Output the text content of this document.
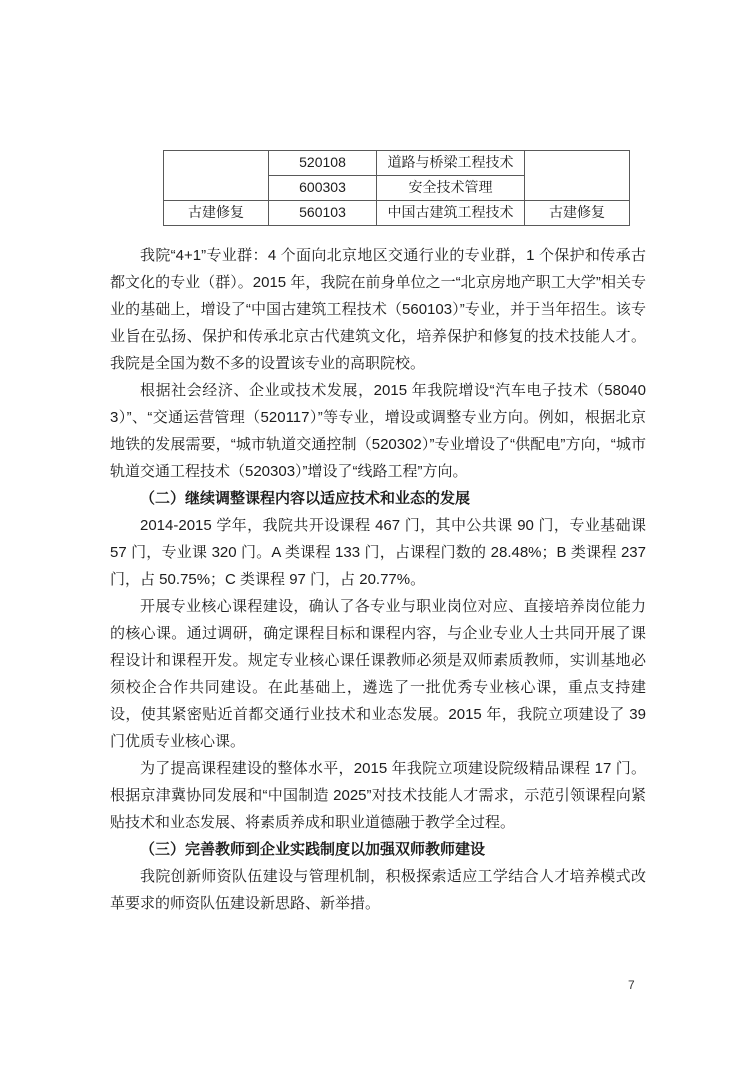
	520108	道路与桥梁工程技术	
	600303	安全技术管理	
古建修复	560103	中国古建筑工程技术	古建修复

我院“4+1”专业群：4 个面向北京地区交通行业的专业群，1 个保护和传承古都文化的专业（群）。2015 年，我院在前身单位之一“北京房地产职工大学”相关专业的基础上，增设了“中国古建筑工程技术（560103）”专业，并于当年招生。该专业旨在弘扬、保护和传承北京古代建筑文化，培养保护和修复的技术技能人才。我院是全国为数不多的设置该专业的高职院校。

根据社会经济、企业或技术发展，2015 年我院增设“汽车电子技术（580403）”、“交通运营管理（520117）”等专业，增设或调整专业方向。例如，根据北京地铁的发展需要，“城市轨道交通控制（520302）”专业增设了“供配电”方向，“城市轨道交通工程技术（520303）”增设了“线路工程”方向。

（二）继续调整课程内容以适应技术和业态的发展

2014-2015 学年，我院共开设课程 467 门，其中公共课 90 门，专业基础课 57 门，专业课 320 门。A 类课程 133 门，占课程门数的 28.48%；B 类课程 237 门，占 50.75%；C 类课程 97 门，占 20.77%。

开展专业核心课程建设，确认了各专业与职业岗位对应、直接培养岗位能力的核心课。通过调研，确定课程目标和课程内容，与企业专业人士共同开展了课程设计和课程开发。规定专业核心课任课教师必须是双师素质教师，实训基地必须校企合作共同建设。在此基础上，遴选了一批优秀专业核心课，重点支持建设，使其紧密贴近首都交通行业技术和业态发展。2015 年，我院立项建设了 39 门优质专业核心课。

为了提高课程建设的整体水平，2015 年我院立项建设院级精品课程 17 门。根据京津冀协同发展和“中国制造 2025”对技术技能人才需求，示范引领课程向紧贴技术和业态发展、将素质养成和职业道德融于教学全过程。

（三）完善教师到企业实践制度以加强双师教师建设

我院创新师资队伍建设与管理机制，积极探索适应工学结合人才培养模式改革要求的师资队伍建设新思路、新举措。

7
